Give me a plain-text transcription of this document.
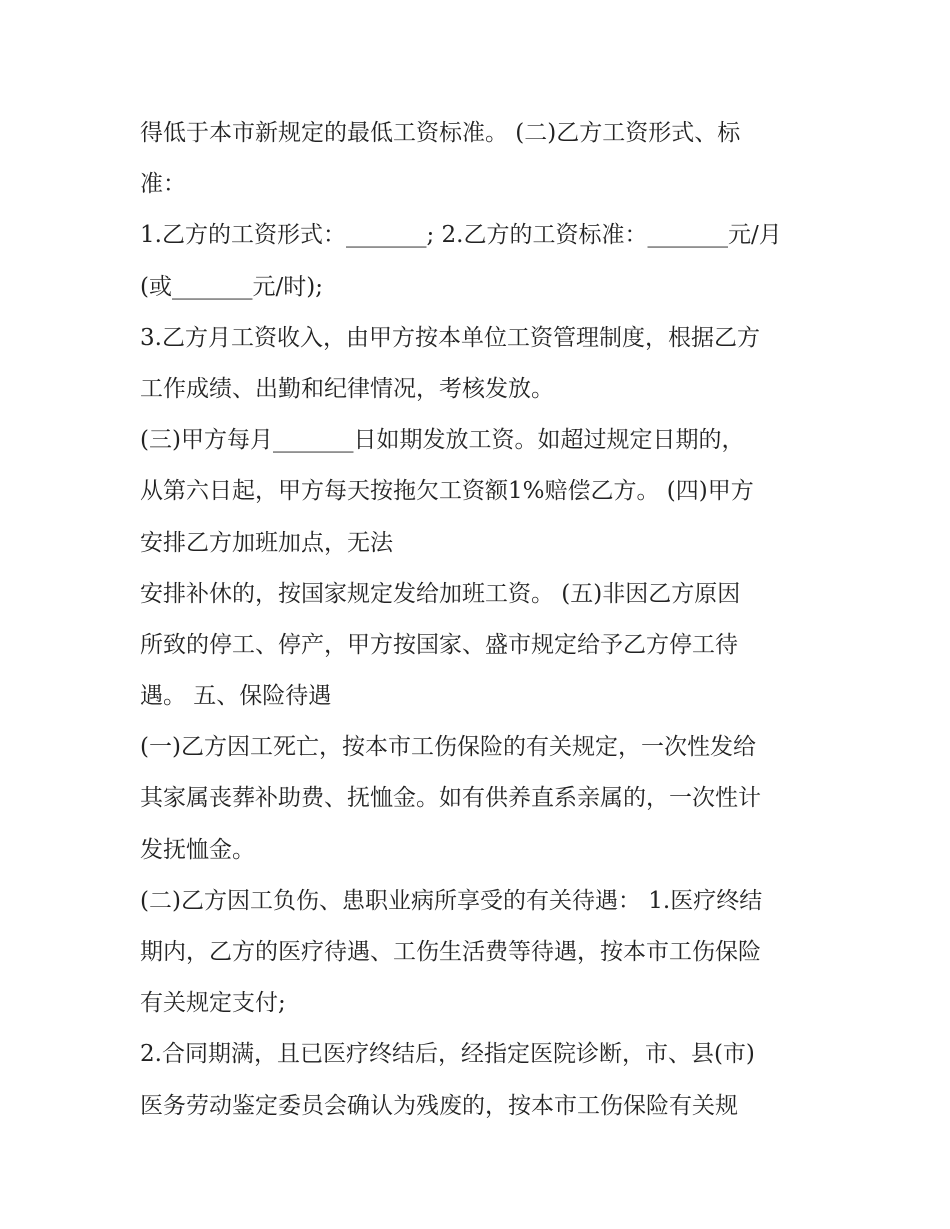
得低于本市新规定的最低工资标准。 (二)乙方工资形式、标
准：
1.乙方的工资形式：_______; 2.乙方的工资标准：_______元/月
(或_______元/时);
3.乙方月工资收入，由甲方按本单位工资管理制度，根据乙方
工作成绩、出勤和纪律情况，考核发放。
(三)甲方每月_______日如期发放工资。如超过规定日期的，
从第六日起，甲方每天按拖欠工资额1%赔偿乙方。 (四)甲方
安排乙方加班加点，无法
安排补休的，按国家规定发给加班工资。 (五)非因乙方原因
所致的停工、停产，甲方按国家、盛市规定给予乙方停工待
遇。 五、保险待遇
(一)乙方因工死亡，按本市工伤保险的有关规定，一次性发给
其家属丧葬补助费、抚恤金。如有供养直系亲属的，一次性计
发抚恤金。
(二)乙方因工负伤、患职业病所享受的有关待遇： 1.医疗终结
期内，乙方的医疗待遇、工伤生活费等待遇，按本市工伤保险
有关规定支付;
2.合同期满，且已医疗终结后，经指定医院诊断，市、县(市)
医务劳动鉴定委员会确认为残废的，按本市工伤保险有关规
